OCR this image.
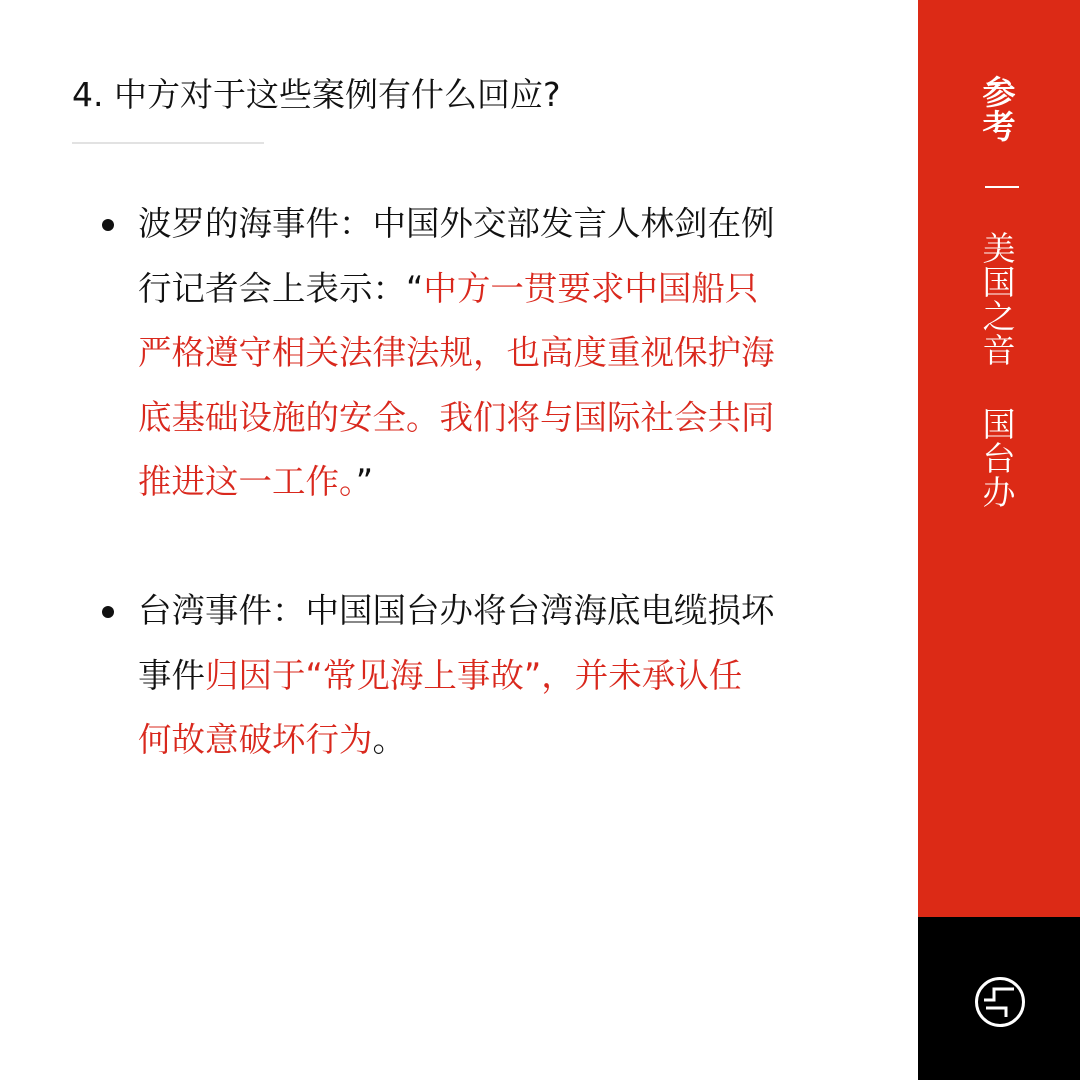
4. 中方对于这些案例有什么回应?

波罗的海事件：中国外交部发言人林剑在例
行记者会上表示：“中方一贯要求中国船只
严格遵守相关法律法规，也高度重视保护海
底基础设施的安全。我们将与国际社会共同
推进这一工作。”

台湾事件：中国国台办将台湾海底电缆损坏
事件归因于“常见海上事故”，并未承认任
何故意破坏行为。

参
考
美
国
之
音
国
台
办
